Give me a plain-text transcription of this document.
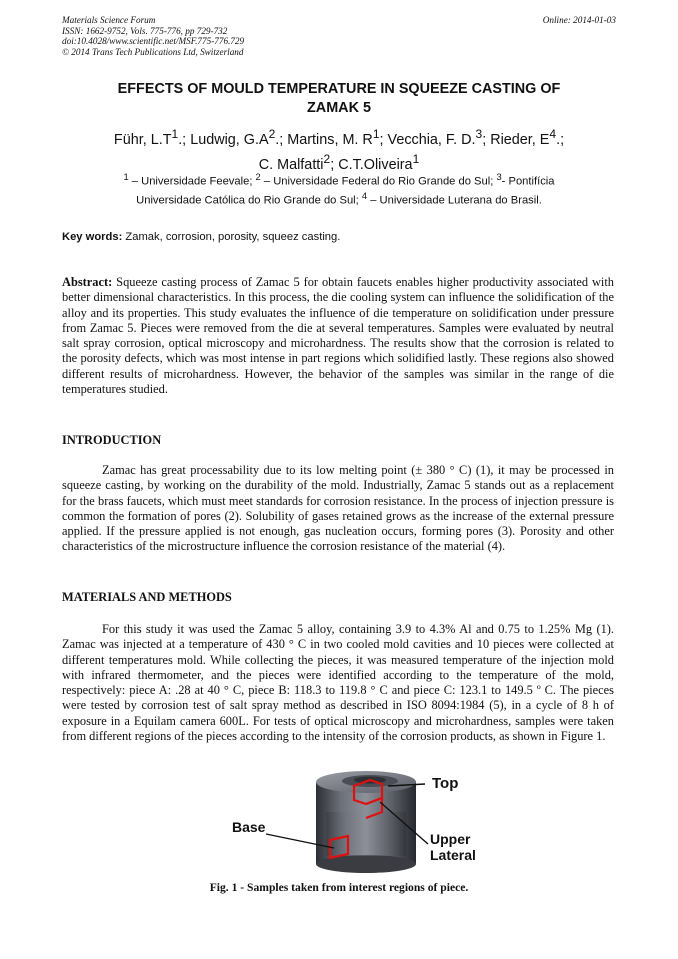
Materials Science Forum
ISSN: 1662-9752, Vols. 775-776, pp 729-732
doi:10.4028/www.scientific.net/MSF.775-776.729
© 2014 Trans Tech Publications Ltd, Switzerland
Online: 2014-01-03
EFFECTS OF MOULD TEMPERATURE IN SQUEEZE CASTING OF
ZAMAK 5
Führ, $L.T^1$.; Ludwig, $G.A^2$.; Martins, M. $R^1$; Vecchia, F. D.$^3$; Rieder, $E^4$.;
C. Malfatti$^2$; C.T.Oliveira$^1$
$^1$ – Universidade Feevale; $^2$ – Universidade Federal do Rio Grande do Sul; $^3$- Pontifícia
Universidade Católica do Rio Grande do Sul; $^4$ – Universidade Luterana do Brasil.
Key words: Zamak, corrosion, porosity, squeez casting.
Abstract: Squeeze casting process of Zamac 5 for obtain faucets enables higher productivity associated with better dimensional characteristics. In this process, the die cooling system can influence the solidification of the alloy and its properties. This study evaluates the influence of die temperature on solidification under pressure from Zamac 5. Pieces were removed from the die at several temperatures. Samples were evaluated by neutral salt spray corrosion, optical microscopy and microhardness. The results show that the corrosion is related to the porosity defects, which was most intense in part regions which solidified lastly. These regions also showed different results of microhardness. However, the behavior of the samples was similar in the range of die temperatures studied.
INTRODUCTION
Zamac has great processability due to its low melting point (± 380 ° C) (1), it may be processed in squeeze casting, by working on the durability of the mold. Industrially, Zamac 5 stands out as a replacement for the brass faucets, which must meet standards for corrosion resistance. In the process of injection pressure is common the formation of pores (2). Solubility of gases retained grows as the increase of the external pressure applied. If the pressure applied is not enough, gas nucleation occurs, forming pores (3). Porosity and other characteristics of the microstructure influence the corrosion resistance of the material (4).
MATERIALS AND METHODS
For this study it was used the Zamac 5 alloy, containing 3.9 to 4.3% Al and 0.75 to 1.25% Mg (1). Zamac was injected at a temperature of 430 ° C in two cooled mold cavities and 10 pieces were collected at different temperatures mold. While collecting the pieces, it was measured temperature of the injection mold with infrared thermometer, and the pieces were identified according to the temperature of the mold, respectively: piece A: .28 at 40 ° C, piece B: 118.3 to 119.8 ° C and piece C: 123.1 to 149.5 º C. The pieces were tested by corrosion test of salt spray method as described in ISO 8094:1984 (5), in a cycle of 8 h of exposure in a Equilam camera 600L. For tests of optical microscopy and microhardness, samples were taken from different regions of the pieces according to the intensity of the corrosion products, as shown in Figure 1.
Top
Base
Upper
Lateral
Fig. 1 - Samples taken from interest regions of piece.
